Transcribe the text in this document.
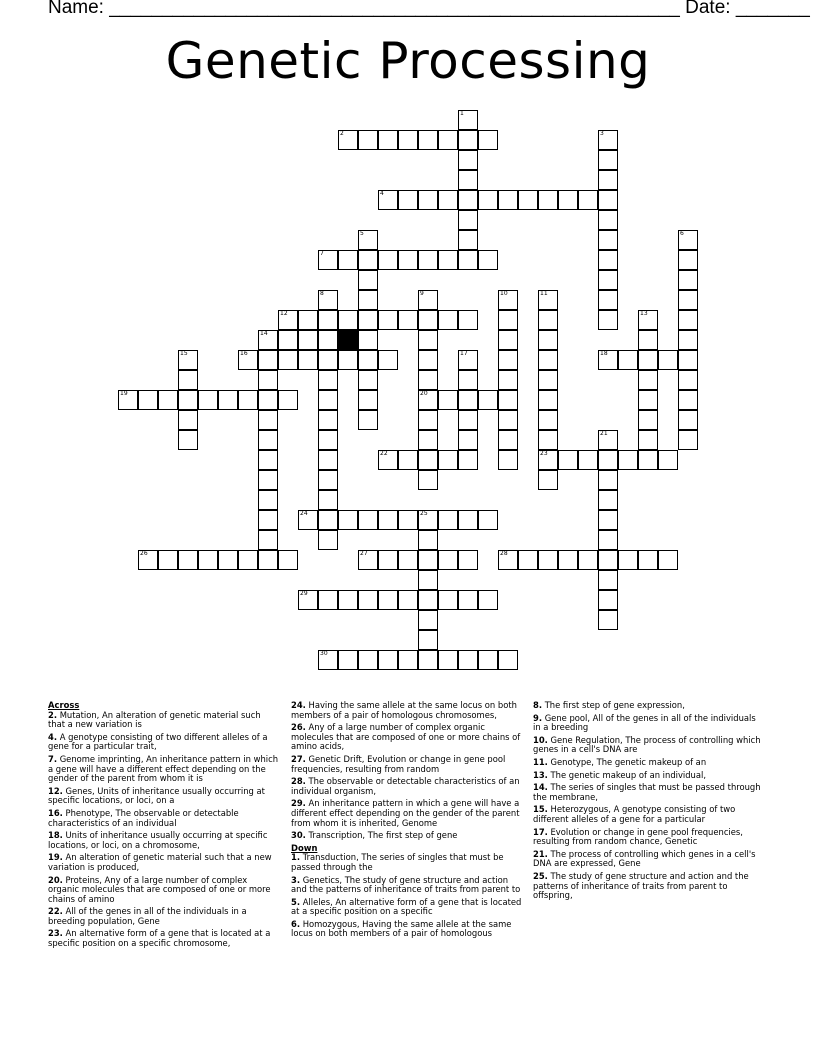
Name: ______________________________________________________ Date: _______
Genetic Processing
2
4
7
12
14
16	18
19	20
22	23
24	25
26	27	28
29
30
1
3
5	6
8	9	10	11
13
15	17
21
Across
2. Mutation, An alteration of genetic material such that a new variation is
4. A genotype consisting of two different alleles of a gene for a particular trait,
7. Genome imprinting, An inheritance pattern in which a gene will have a different effect depending on the gender of the parent from whom it is
12. Genes, Units of inheritance usually occurring at specific locations, or loci, on a
16. Phenotype, The observable or detectable characteristics of an individual
18. Units of inheritance usually occurring at specific locations, or loci, on a chromosome,
19. An alteration of genetic material such that a new variation is produced,
20. Proteins, Any of a large number of complex organic molecules that are composed of one or more chains of amino
22. All of the genes in all of the individuals in a breeding population, Gene
23. An alternative form of a gene that is located at a specific position on a specific chromosome,
24. Having the same allele at the same locus on both members of a pair of homologous chromosomes,
26. Any of a large number of complex organic molecules that are composed of one or more chains of amino acids,
27. Genetic Drift, Evolution or change in gene pool frequencies, resulting from random
28. The observable or detectable characteristics of an individual organism,
29. An inheritance pattern in which a gene will have a different effect depending on the gender of the parent from whom it is inherited, Genome
30. Transcription, The first step of gene
Down
1. Transduction, The series of singles that must be passed through the
3. Genetics, The study of gene structure and action and the patterns of inheritance of traits from parent to
5. Alleles, An alternative form of a gene that is located at a specific position on a specific
6. Homozygous, Having the same allele at the same locus on both members of a pair of homologous
8. The first step of gene expression,
9. Gene pool, All of the genes in all of the individuals in a breeding
10. Gene Regulation, The process of controlling which genes in a cell's DNA are
11. Genotype, The genetic makeup of an
13. The genetic makeup of an individual,
14. The series of singles that must be passed through the membrane,
15. Heterozygous, A genotype consisting of two different alleles of a gene for a particular
17. Evolution or change in gene pool frequencies, resulting from random chance, Genetic
21. The process of controlling which genes in a cell's DNA are expressed, Gene
25. The study of gene structure and action and the patterns of inheritance of traits from parent to offspring,
